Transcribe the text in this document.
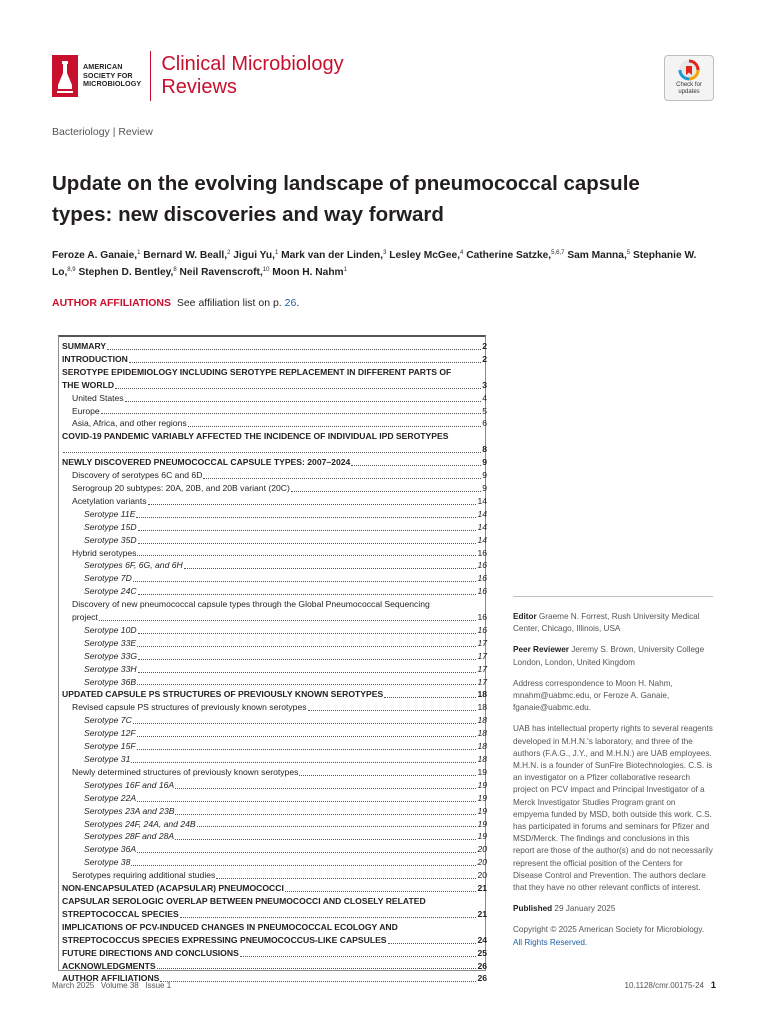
AMERICAN
SOCIETY FOR
MICROBIOLOGY
Clinical Microbiology
Reviews	Check for
updates
Bacteriology | Review
Update on the evolving landscape of pneumococcal capsule types: new discoveries and way forward
Feroze A. Ganaie,$^1$ Bernard W. Beall,$^2$ Jigui Yu,$^1$ Mark van der Linden,$^3$ Lesley McGee,$^4$ Catherine Satzke,$^{5,6,7}$ Sam Manna,$^5$ Stephanie W. Lo,$^{8,9}$ Stephen D. Bentley,$^8$ Neil Ravenscroft,$^{10}$ Moon H. Nahm$^1$
AUTHOR AFFILIATIONS See affiliation list on p. 26.
SUMMARY	2
INTRODUCTION	2
SEROTYPE EPIDEMIOLOGY INCLUDING SEROTYPE REPLACEMENT IN DIFFERENT PARTS OF
THE WORLD	3
United States	4
Europe	5
Asia, Africa, and other regions	6
COVID-19 PANDEMIC VARIABLY AFFECTED THE INCIDENCE OF INDIVIDUAL IPD SEROTYPES
8
NEWLY DISCOVERED PNEUMOCOCCAL CAPSULE TYPES: 2007–2024	9
Discovery of serotypes 6C and 6D	9
Serogroup 20 subtypes: 20A, 20B, and 20B variant (20C)	9
Acetylation variants	14
Serotype 11E	14
Serotype 15D	14
Serotype 35D	14
Hybrid serotypes	16
Serotypes 6F, 6G, and 6H	16
Serotype 7D	16
Serotype 24C	16
Discovery of new pneumococcal capsule types through the Global Pneumococcal Sequencing
project	16
Serotype 10D	16
Serotype 33E	17
Serotype 33G	17
Serotype 33H	17
Serotype 36B	17
UPDATED CAPSULE PS STRUCTURES OF PREVIOUSLY KNOWN SEROTYPES	18
Revised capsule PS structures of previously known serotypes	18
Serotype 7C	18
Serotype 12F	18
Serotype 15F	18
Serotype 31	18
Newly determined structures of previously known serotypes	19
Serotypes 16F and 16A	19
Serotype 22A	19
Serotypes 23A and 23B	19
Serotypes 24F, 24A, and 24B	19
Serotypes 28F and 28A	19
Serotype 36A	20
Serotype 38	20
Serotypes requiring additional studies	20
NON-ENCAPSULATED (ACAPSULAR) PNEUMOCOCCI	21
CAPSULAR SEROLOGIC OVERLAP BETWEEN PNEUMOCOCCI AND CLOSELY RELATED
STREPTOCOCCAL SPECIES	21
IMPLICATIONS OF PCV-INDUCED CHANGES IN PNEUMOCOCCAL ECOLOGY AND
STREPTOCOCCUS SPECIES EXPRESSING PNEUMOCOCCUS-LIKE CAPSULES	24
FUTURE DIRECTIONS AND CONCLUSIONS	25
ACKNOWLEDGMENTS	26
AUTHOR AFFILIATIONS	26

Editor Graeme N. Forrest, Rush University Medical Center, Chicago, Illinois, USA

Peer Reviewer Jeremy S. Brown, University College London, London, United Kingdom

Address correspondence to Moon H. Nahm, mnahm@uabmc.edu, or Feroze A. Ganaie, fganaie@uabmc.edu.

UAB has intellectual property rights to several reagents developed in M.H.N.'s laboratory, and three of the authors (F.A.G., J.Y., and M.H.N.) are UAB employees. M.H.N. is a founder of SunFire Biotechnologies. C.S. is an investigator on a Pfizer collaborative research project on PCV impact and Principal Investigator of a Merck Investigator Studies Program grant on empyema funded by MSD, both outside this work. C.S. has participated in forums and seminars for Pfizer and MSD/Merck. The findings and conclusions in this report are those of the author(s) and do not necessarily represent the official position of the Centers for Disease Control and Prevention. The authors declare that they have no other relevant conflicts of interest.

Published 29 January 2025

Copyright © 2025 American Society for Microbiology. All Rights Reserved.

March 2025   Volume 38   Issue 1	10.1128/cmr.00175-24 1
